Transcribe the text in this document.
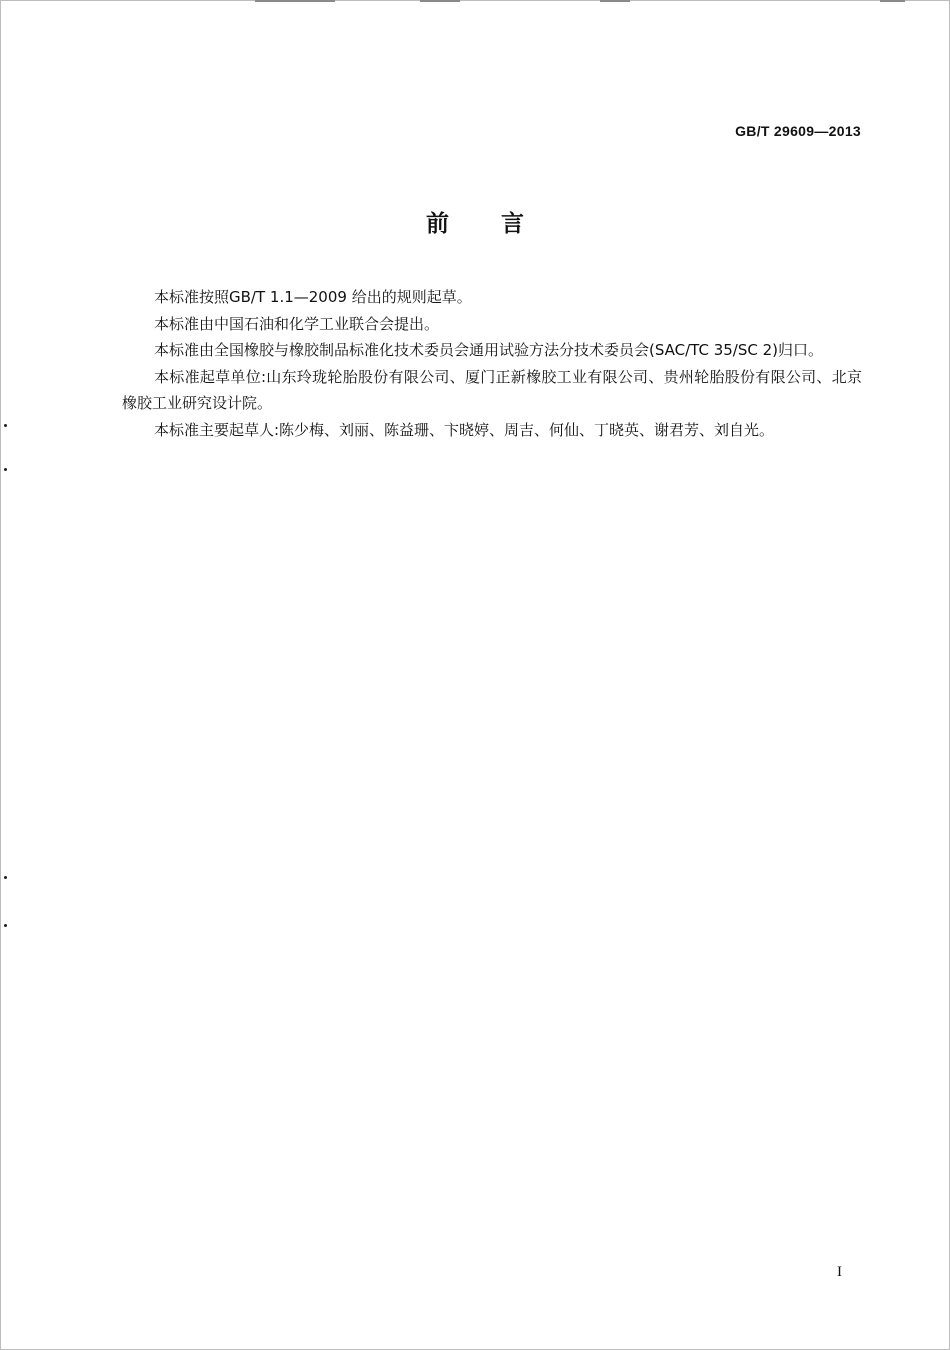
GB/T 29609—2013
前言

本标准按照GB/T 1.1—2009 给出的规则起草。

本标准由中国石油和化学工业联合会提出。

本标准由全国橡胶与橡胶制品标准化技术委员会通用试验方法分技术委员会(SAC/TC 35/SC 2)归口。

本标准起草单位:山东玲珑轮胎股份有限公司、厦门正新橡胶工业有限公司、贵州轮胎股份有限公司、北京橡胶工业研究设计院。

本标准主要起草人:陈少梅、刘丽、陈益珊、卞晓婷、周吉、何仙、丁晓英、谢君芳、刘自光。

I
